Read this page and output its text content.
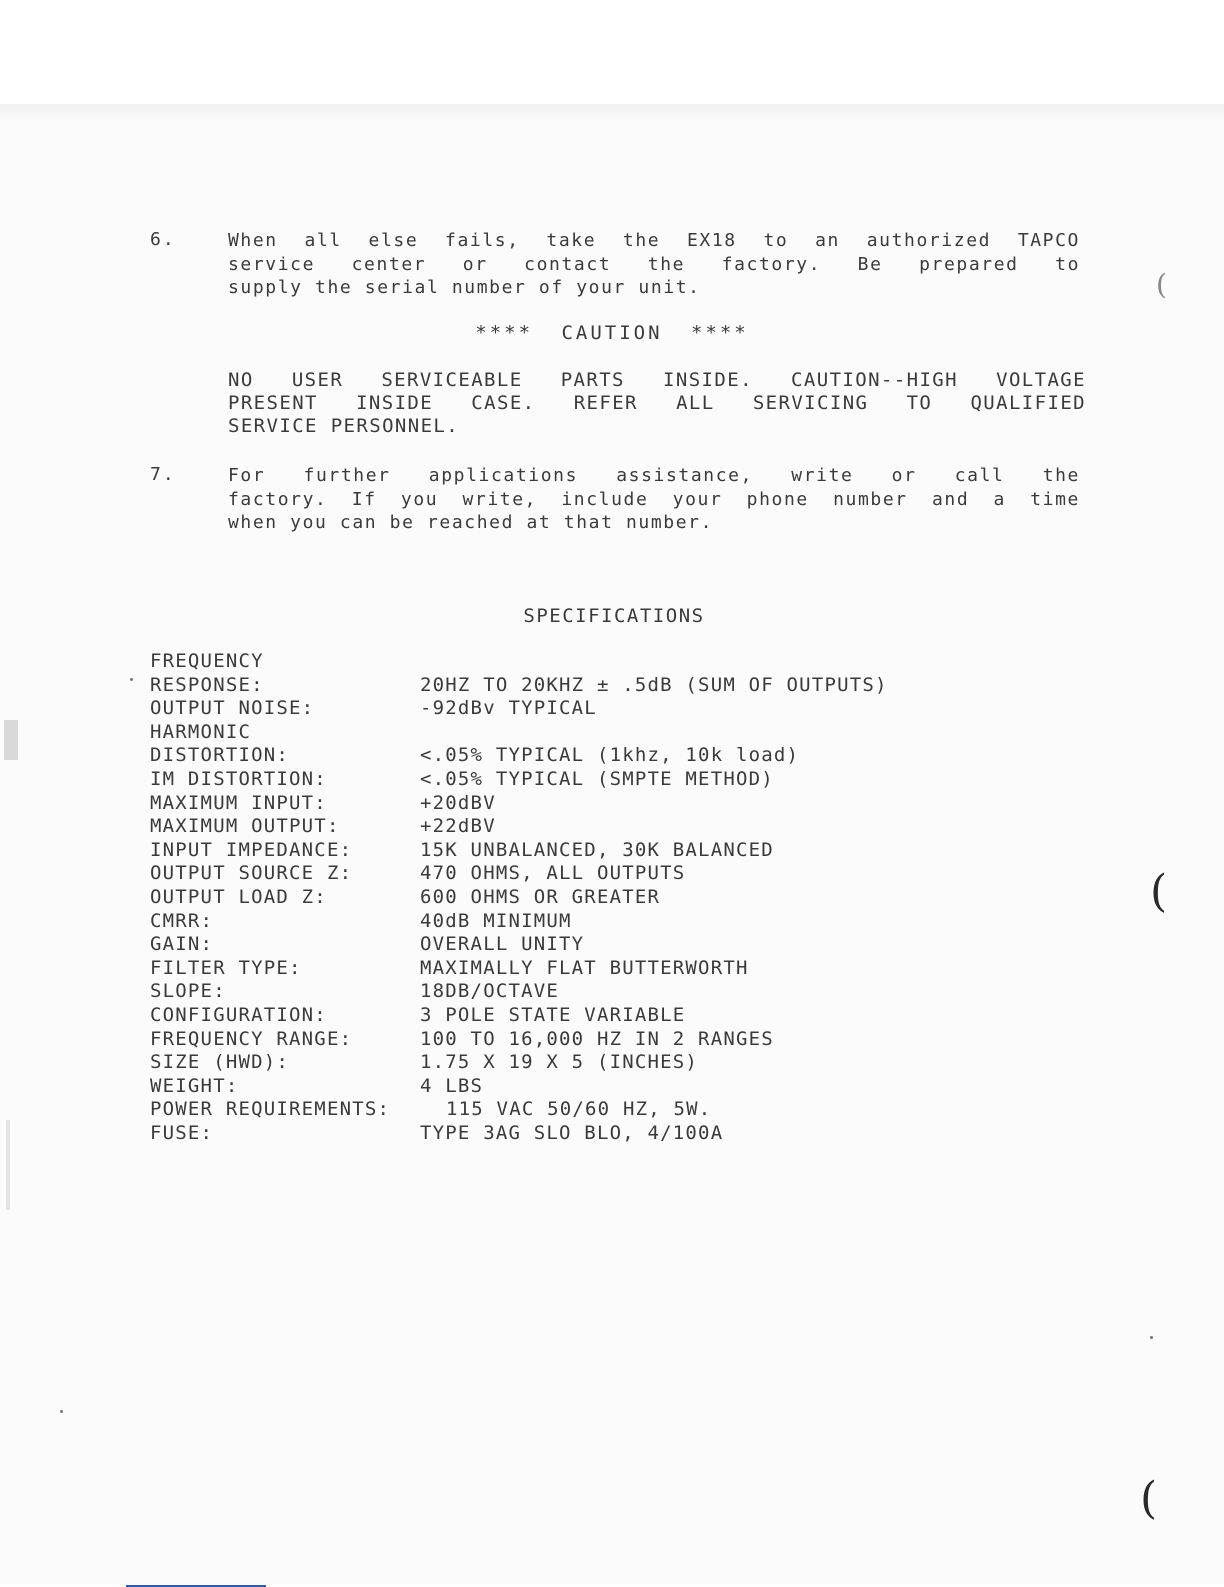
6.	When all else fails, take the EX18 to an authorized TAPCO
service center or contact the factory. Be prepared to
supply the serial number of your unit.
**** CAUTION ****
NO USER SERVICEABLE PARTS INSIDE. CAUTION--HIGH VOLTAGE
PRESENT INSIDE CASE. REFER ALL SERVICING TO QUALIFIED
SERVICE PERSONNEL.
7.	For further applications assistance, write or call the
factory. If you write, include your phone number and a time
when you can be reached at that number.
SPECIFICATIONS
FREQUENCY
RESPONSE:	20HZ TO 20KHZ ± .5dB (SUM OF OUTPUTS)
OUTPUT NOISE:	-92dBv TYPICAL
HARMONIC
DISTORTION:	<.05% TYPICAL (1khz, 10k load)
IM DISTORTION:	<.05% TYPICAL (SMPTE METHOD)
MAXIMUM INPUT:	+20dBV
MAXIMUM OUTPUT:	+22dBV
INPUT IMPEDANCE:	15K UNBALANCED, 30K BALANCED
OUTPUT SOURCE Z:	470 OHMS, ALL OUTPUTS
OUTPUT LOAD Z:	600 OHMS OR GREATER
CMRR:	40dB MINIMUM
GAIN:	OVERALL UNITY
FILTER TYPE:	MAXIMALLY FLAT BUTTERWORTH
SLOPE:	18DB/OCTAVE
CONFIGURATION:	3 POLE STATE VARIABLE
FREQUENCY RANGE:	100 TO 16,000 HZ IN 2 RANGES
SIZE (HWD):	1.75 X 19 X 5 (INCHES)
WEIGHT:	4 LBS
POWER REQUIREMENTS:	115 VAC 50/60 HZ, 5W.
FUSE:	TYPE 3AG SLO BLO, 4/100A
(
(
(
